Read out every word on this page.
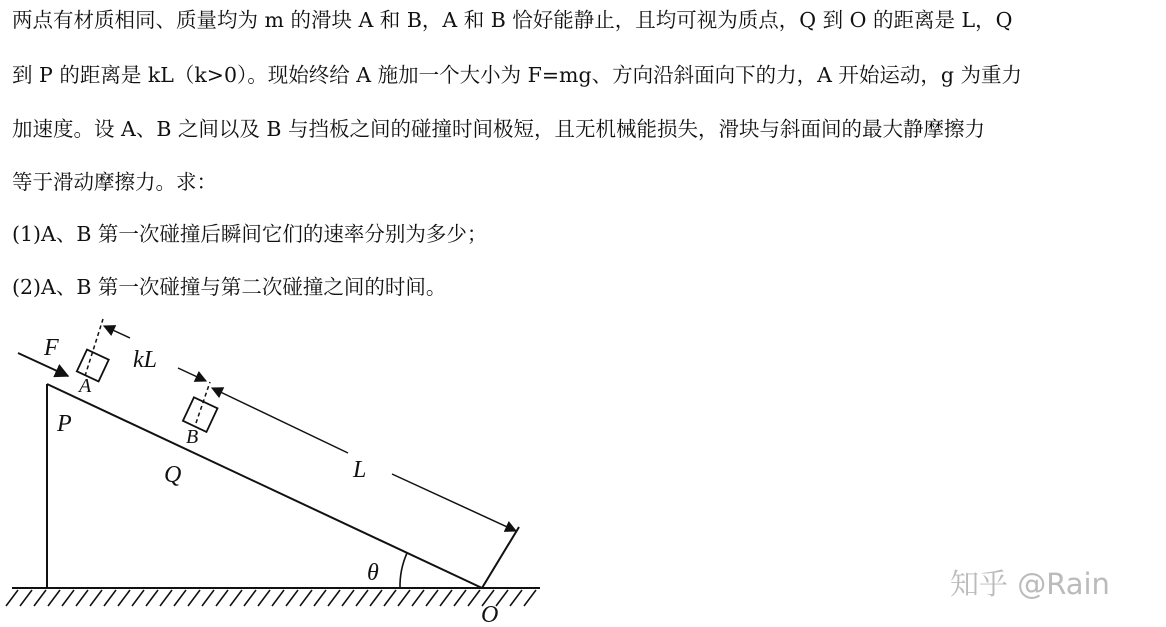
两点有材质相同、质量均为 m 的滑块 A 和 B，A 和 B 恰好能静止，且均可视为质点，Q 到 O 的距离是 L，Q
到 P 的距离是 kL（k>0）。现始终给 A 施加一个大小为 F=mg、方向沿斜面向下的力，A 开始运动，g 为重力
加速度。设 A、B 之间以及 B 与挡板之间的碰撞时间极短，且无机械能损失，滑块与斜面间的最大静摩擦力
等于滑动摩擦力。求：
(1)A、B 第一次碰撞后瞬间它们的速率分别为多少；
(2)A、B 第一次碰撞与第二次碰撞之间的时间。
F
A
kL
P	B
Q	L
θ
O
知乎 @Rain
